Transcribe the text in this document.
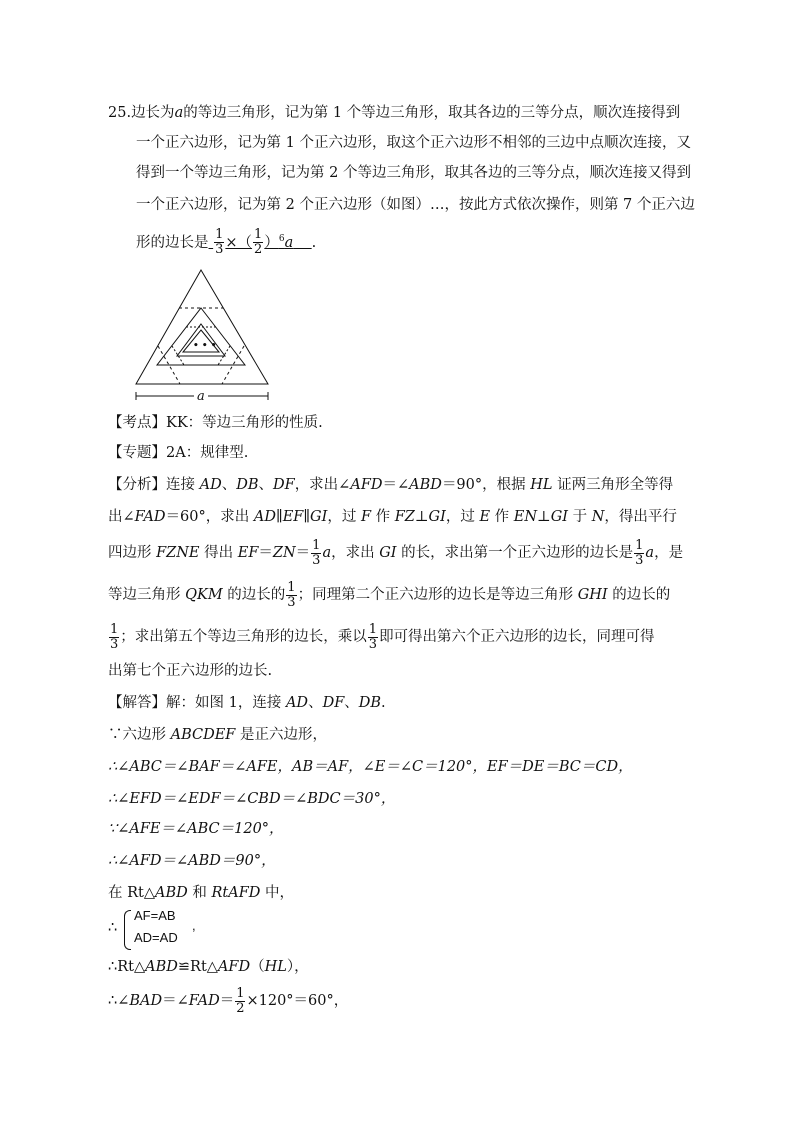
25.边长为a的等边三角形，记为第 1 个等边三角形，取其各边的三等分点，顺次连接得到
一个正六边形，记为第 1 个正六边形，取这个正六边形不相邻的三边中点顺次连接，又
得到一个等边三角形，记为第 2 个等边三角形，取其各边的三等分点，顺次连接又得到
一个正六边形，记为第 2 个正六边形（如图）…，按此方式依次操作，则第 7 个正六边
形的边长是 $\frac{1}{3}$ ×（ $\frac{1}{2} )^6a$ .
• • •
a
【考点】KK：等边三角形的性质.
【专题】2A：规律型.
【分析】连接 AD、DB、DF，求出∠AFD＝∠ABD＝90°，根据 HL 证两三角形全等得
出∠FAD＝60°，求出 AD∥EF∥GI，过 F 作 FZ⊥GI，过 E 作 EN⊥GI 于 N，得出平行
四边形 FZNE 得出 $EF=ZN= \frac{1}{3}$ a，求出 GI 的长，求出第一个正六边形的边长是 $\frac{1}{3}$ a，是
等边三角形 QKM 的边长的 $\frac{1}{3}$ ；同理第二个正六边形的边长是等边三角形 GHI 的边长的
$\frac{1}{3}$ ；求出第五个等边三角形的边长，乘以 $\frac{1}{3}$ 即可得出第六个正六边形的边长，同理可得
出第七个正六边形的边长.
【解答】解：如图 1，连接 AD、DF、DB.
∵六边形 ABCDEF 是正六边形，
∴∠ABC＝∠BAF＝∠AFE，AB＝AF，∠E＝∠C＝120°，EF＝DE＝BC＝CD，
∴∠EFD＝∠EDF＝∠CBD＝∠BDC＝30°，
∵∠AFE＝∠ABC＝120°，
∴∠AFD＝∠ABD＝90°，
在 Rt△ABD 和 RtAFD 中，
∴
AF=AB
AD=AD
,
∴Rt△ABD≌Rt△AFD（HL），
∴∠BAD＝∠FAD＝ $\frac{1}{2} \times 120^\circ=60^\circ$，
